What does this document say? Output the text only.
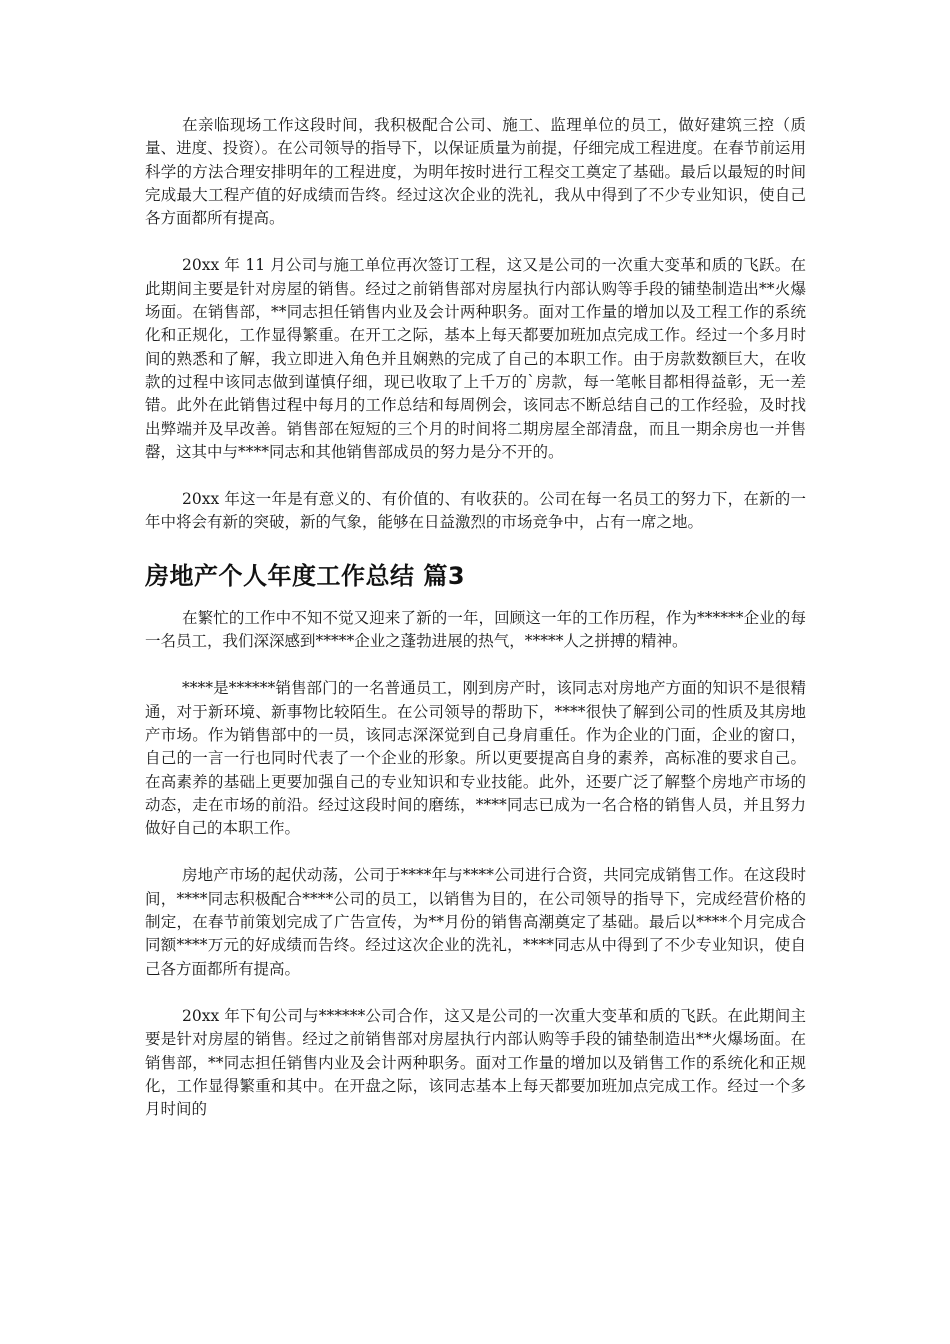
在亲临现场工作这段时间，我积极配合公司、施工、监理单位的员工，做好建筑三控（质量、进度、投资）。在公司领导的指导下，以保证质量为前提，仔细完成工程进度。在春节前运用科学的方法合理安排明年的工程进度，为明年按时进行工程交工奠定了基础。最后以最短的时间完成最大工程产值的好成绩而告终。经过这次企业的洗礼，我从中得到了不少专业知识，使自己各方面都所有提高。

20xx 年 11 月公司与施工单位再次签订工程，这又是公司的一次重大变革和质的飞跃。在此期间主要是针对房屋的销售。经过之前销售部对房屋执行内部认购等手段的铺垫制造出**火爆场面。在销售部，**同志担任销售内业及会计两种职务。面对工作量的增加以及工程工作的系统化和正规化，工作显得繁重。在开工之际，基本上每天都要加班加点完成工作。经过一个多月时间的熟悉和了解，我立即进入角色并且娴熟的完成了自己的本职工作。由于房款数额巨大，在收款的过程中该同志做到谨慎仔细，现已收取了上千万的`房款，每一笔帐目都相得益彰，无一差错。此外在此销售过程中每月的工作总结和每周例会，该同志不断总结自己的工作经验，及时找出弊端并及早改善。销售部在短短的三个月的时间将二期房屋全部清盘，而且一期余房也一并售罄，这其中与****同志和其他销售部成员的努力是分不开的。

20xx 年这一年是有意义的、有价值的、有收获的。公司在每一名员工的努力下，在新的一年中将会有新的突破，新的气象，能够在日益激烈的市场竞争中，占有一席之地。

房地产个人年度工作总结 篇3

在繁忙的工作中不知不觉又迎来了新的一年，回顾这一年的工作历程，作为******企业的每一名员工，我们深深感到*****企业之蓬勃进展的热气，*****人之拼搏的精神。

****是******销售部门的一名普通员工，刚到房产时，该同志对房地产方面的知识不是很精通，对于新环境、新事物比较陌生。在公司领导的帮助下，****很快了解到公司的性质及其房地产市场。作为销售部中的一员，该同志深深觉到自己身肩重任。作为企业的门面，企业的窗口，自己的一言一行也同时代表了一个企业的形象。所以更要提高自身的素养，高标准的要求自己。在高素养的基础上更要加强自己的专业知识和专业技能。此外，还要广泛了解整个房地产市场的动态，走在市场的前沿。经过这段时间的磨练，****同志已成为一名合格的销售人员，并且努力做好自己的本职工作。

房地产市场的起伏动荡，公司于****年与****公司进行合资，共同完成销售工作。在这段时间，****同志积极配合****公司的员工，以销售为目的，在公司领导的指导下，完成经营价格的制定，在春节前策划完成了广告宣传，为**月份的销售高潮奠定了基础。最后以****个月完成合同额****万元的好成绩而告终。经过这次企业的洗礼，****同志从中得到了不少专业知识，使自己各方面都所有提高。

20xx 年下旬公司与******公司合作，这又是公司的一次重大变革和质的飞跃。在此期间主要是针对房屋的销售。经过之前销售部对房屋执行内部认购等手段的铺垫制造出**火爆场面。在销售部，**同志担任销售内业及会计两种职务。面对工作量的增加以及销售工作的系统化和正规化，工作显得繁重和其中。在开盘之际，该同志基本上每天都要加班加点完成工作。经过一个多月时间的
